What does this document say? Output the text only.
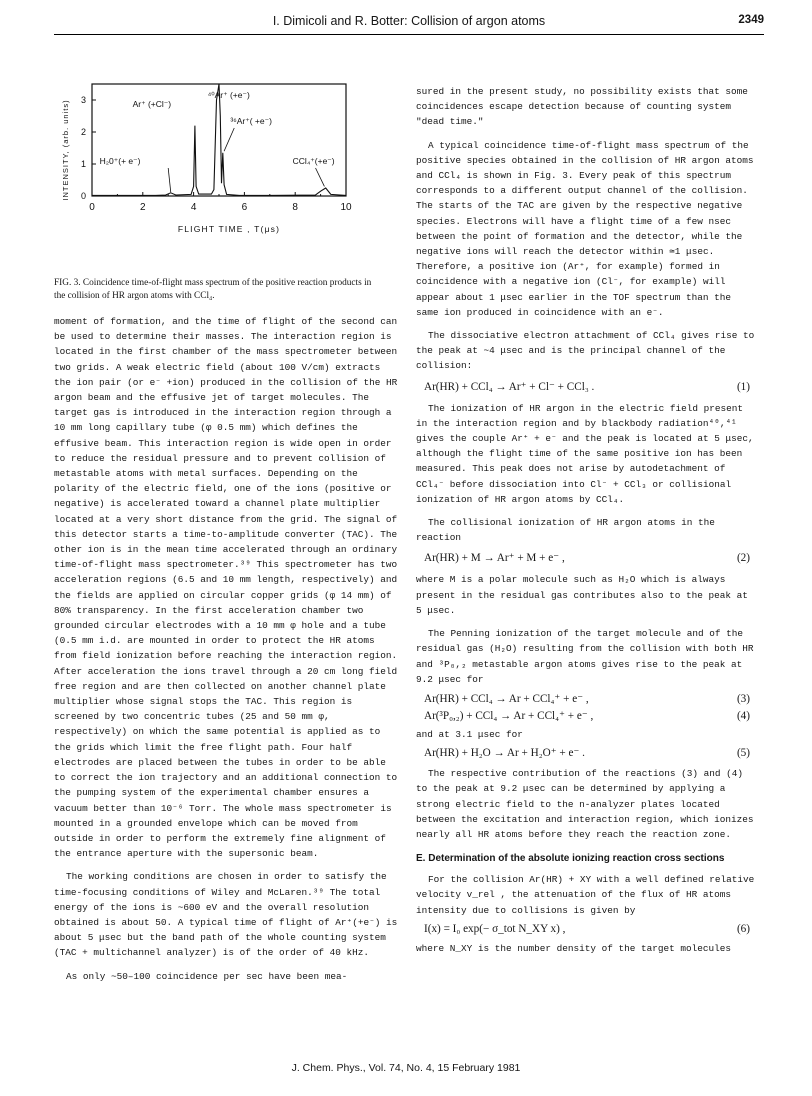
I. Dimicoli and R. Botter: Collision of argon atoms	2349
0	2	4	6	8	10
0
1
2
3
FLIGHT TIME , T(μs)
INTENSITY, (arb. units)	Ar⁺ (+Cl⁻)
⁴⁰Ar⁺ (+e⁻)
³⁶Ar⁺( +e⁻)
H₂0⁺(+ e⁻)	CCl₄⁺(+e⁻)
FIG. 3. Coincidence time-of-flight mass spectrum of the positive reaction products in the collision of HR argon atoms with CCl₄.

moment of formation, and the time of flight of the second can be used to determine their masses. The interaction region is located in the first chamber of the mass spectrometer between two grids. A weak electric field (about 100 V/cm) extracts the ion pair (or e⁻ +ion) produced in the collision of the HR argon beam and the effusive jet of target molecules. The target gas is introduced in the interaction region through a 10 mm long capillary tube (φ 0.5 mm) which defines the effusive beam. This interaction region is wide open in order to reduce the residual pressure and to prevent collision of metastable atoms with metal surfaces. Depending on the polarity of the electric field, one of the ions (positive or negative) is accelerated toward a channel plate multiplier located at a very short distance from the grid. The signal of this detector starts a time-to-amplitude converter (TAC). The other ion is in the mean time accelerated through an ordinary time-of-flight mass spectrometer.³⁹ This spectrometer has two acceleration regions (6.5 and 10 mm length, respectively) and the fields are applied on circular copper grids (φ 14 mm) of 80% transparency. In the first acceleration chamber two grounded circular electrodes with a 10 mm φ hole and a tube (0.5 mm i.d. are mounted in order to protect the HR atoms from field ionization before reaching the interaction region. After acceleration the ions travel through a 20 cm long field free region and are then collected on another channel plate multiplier whose signal stops the TAC. This region is screened by two concentric tubes (25 and 50 mm φ, respectively) on which the same potential is applied as to the grids which limit the free flight path. Four half electrodes are placed between the tubes in order to be able to correct the ion trajectory and an additional connection to the pumping system of the experimental chamber ensures a vacuum better than 10⁻⁶ Torr. The whole mass spectrometer is mounted in a grounded envelope which can be moved from outside in order to perform the extremely fine alignment of the entrance aperture with the supersonic beam.

The working conditions are chosen in order to satisfy the time-focusing conditions of Wiley and McLaren.³⁹ The total energy of the ions is ~600 eV and the overall resolution obtained is about 50. A typical time of flight of Ar⁺(+e⁻) is about 5 μsec but the band path of the whole counting system (TAC + multichannel analyzer) is of the order of 40 kHz.

As only ~50–100 coincidence per sec have been mea-

sured in the present study, no possibility exists that some coincidences escape detection because of counting system "dead time."

A typical coincidence time-of-flight mass spectrum of the positive species obtained in the collision of HR argon atoms and CCl₄ is shown in Fig. 3. Every peak of this spectrum corresponds to a different output channel of the collision. The starts of the TAC are given by the respective negative species. Electrons will have a flight time of a few nsec between the point of formation and the detector, while the negative ions will reach the detector within ≃1 μsec. Therefore, a positive ion (Ar⁺, for example) formed in coincidence with a negative ion (Cl⁻, for example) will appear about 1 μsec earlier in the TOF spectrum than the same ion produced in coincidence with an e⁻.

The dissociative electron attachment of CCl₄ gives rise to the peak at ~4 μsec and is the principal channel of the collision:

Ar(HR) + CCl₄ → Ar⁺ + Cl⁻ + CCl₃ .	(1)

The ionization of HR argon in the electric field present in the interaction region and by blackbody radiation⁴⁰,⁴¹ gives the couple Ar⁺ + e⁻ and the peak is located at 5 μsec, although the flight time of the same positive ion has been measured. This peak does not arise by autodetachment of CCl₄⁻ before dissociation into Cl⁻ + CCl₃ or collisional ionization of HR argon atoms by CCl₄.

The collisional ionization of HR argon atoms in the reaction

Ar(HR) + M → Ar⁺ + M + e⁻ ,	(2)

where M is a polar molecule such as H₂O which is always present in the residual gas contributes also to the peak at 5 μsec.

The Penning ionization of the target molecule and of the residual gas (H₂O) resulting from the collision with both HR and ³P₀,₂ metastable argon atoms gives rise to the peak at 9.2 μsec for

Ar(HR) + CCl₄ → Ar + CCl₄⁺ + e⁻ ,	(3)
Ar(³P₀,₂) + CCl₄ → Ar + CCl₄⁺ + e⁻ ,	(4)

and at 3.1 μsec for

Ar(HR) + H₂O → Ar + H₂O⁺ + e⁻ .	(5)

The respective contribution of the reactions (3) and (4) to the peak at 9.2 μsec can be determined by applying a strong electric field to the n-analyzer plates located between the excitation and interaction region, which ionizes nearly all HR atoms before they reach the reaction zone.

E. Determination of the absolute ionizing reaction cross sections

For the collision Ar(HR) + XY with a well defined relative velocity v_rel , the attenuation of the flux of HR atoms intensity due to collisions is given by

I(x) = I₀ exp(− σ_tot N_XY x) ,	(6)

where N_XY is the number density of the target molecules

J. Chem. Phys., Vol. 74, No. 4, 15 February 1981
